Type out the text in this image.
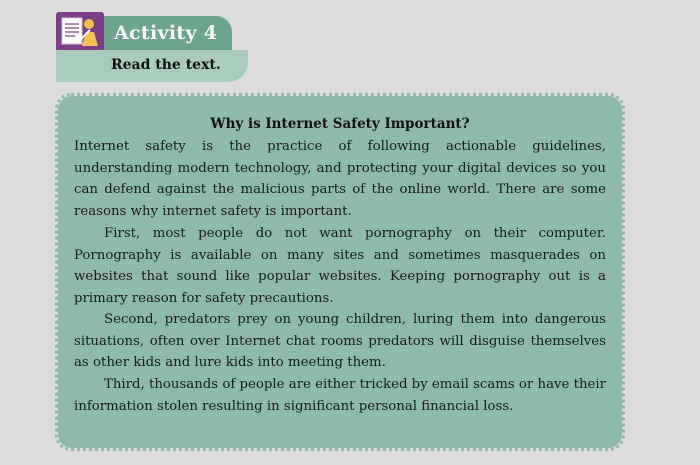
Activity 4
Read the text.
Why is Internet Safety Important?

Internet safety is the practice of following actionable guidelines, understanding modern technology, and protecting your digital devices so you can defend against the malicious parts of the online world. There are some reasons why internet safety is important.

First, most people do not want pornography on their computer. Pornography is available on many sites and sometimes masquerades on websites that sound like popular websites. Keeping pornography out is a primary reason for safety precautions.

Second, predators prey on young children, luring them into dangerous situations, often over Internet chat rooms predators will disguise themselves as other kids and lure kids into meeting them.

Third, thousands of people are either tricked by email scams or have their information stolen resulting in significant personal financial loss.
